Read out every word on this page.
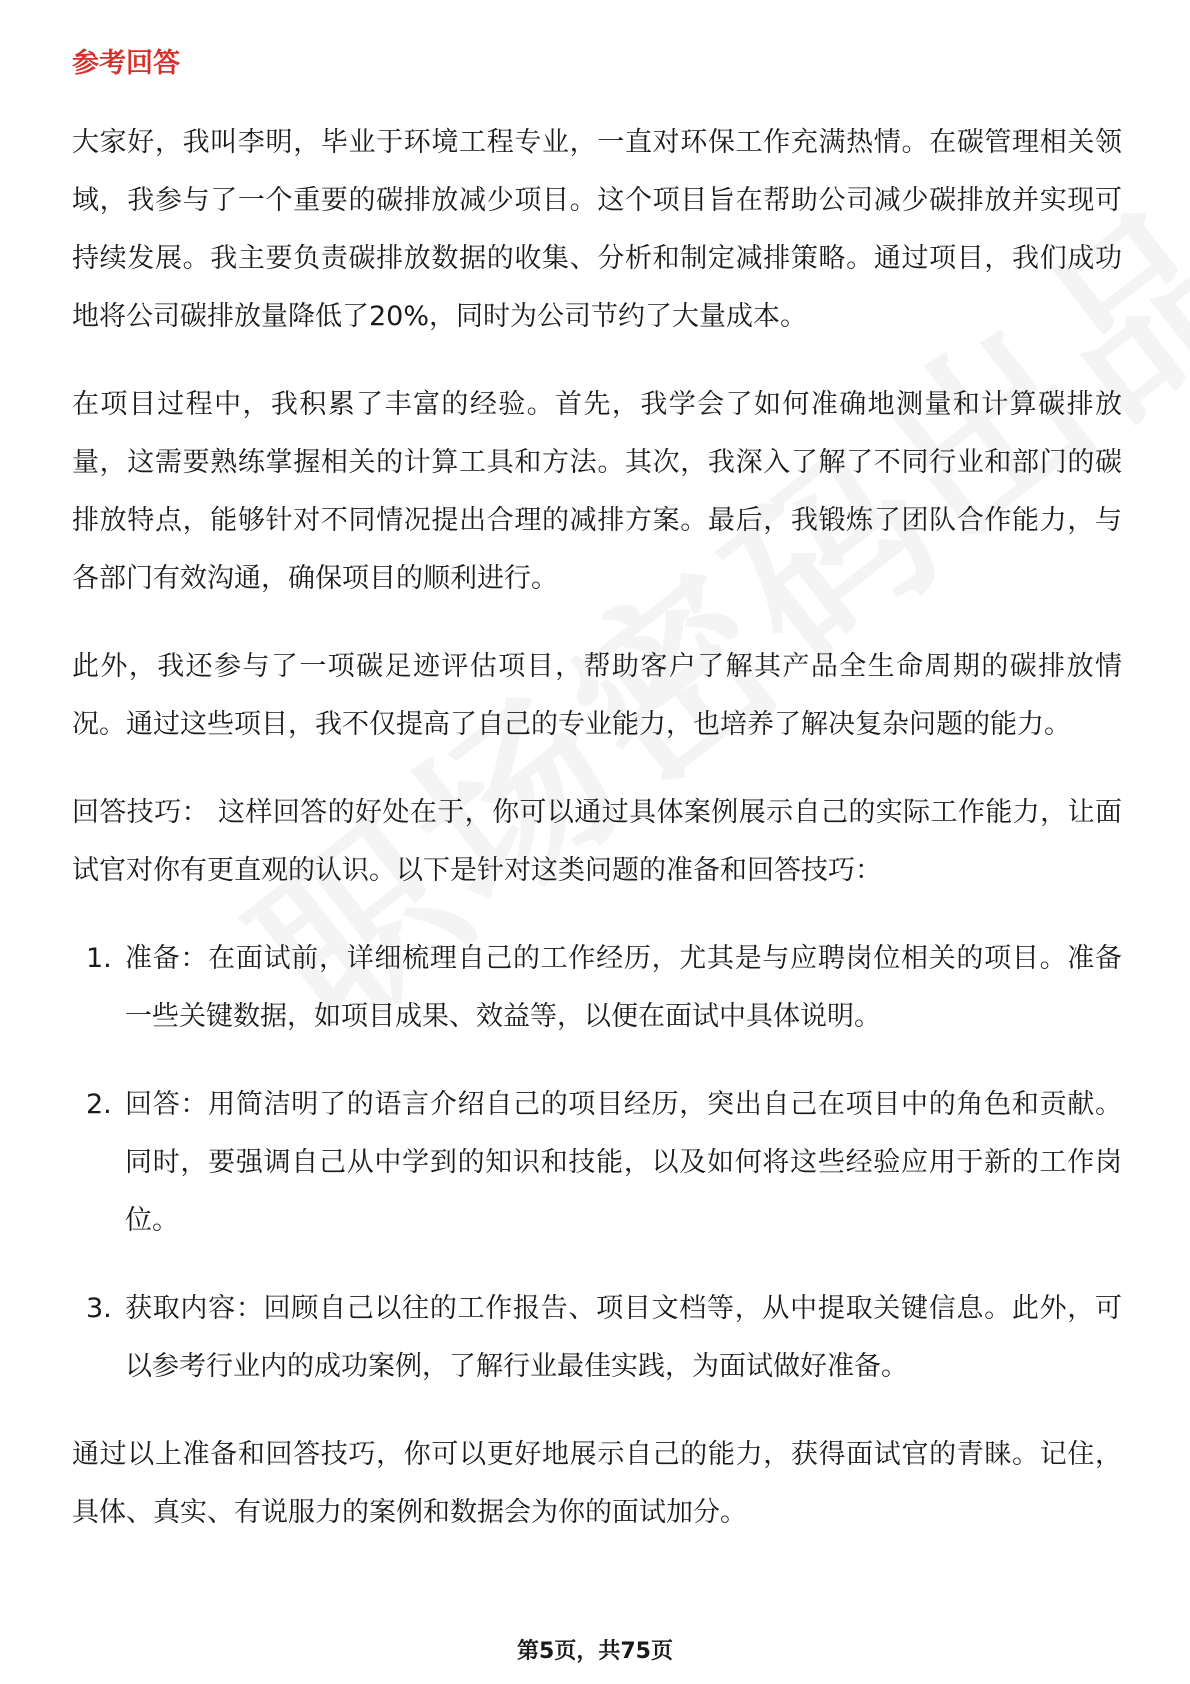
参考回答

大家好，我叫李明，毕业于环境工程专业，一直对环保工作充满热情。在碳管理相关领域，我参与了一个重要的碳排放减少项目。这个项目旨在帮助公司减少碳排放并实现可持续发展。我主要负责碳排放数据的收集、分析和制定减排策略。通过项目，我们成功地将公司碳排放量降低了20%，同时为公司节约了大量成本。

在项目过程中，我积累了丰富的经验。首先，我学会了如何准确地测量和计算碳排放量，这需要熟练掌握相关的计算工具和方法。其次，我深入了解了不同行业和部门的碳排放特点，能够针对不同情况提出合理的减排方案。最后，我锻炼了团队合作能力，与各部门有效沟通，确保项目的顺利进行。

此外，我还参与了一项碳足迹评估项目，帮助客户了解其产品全生命周期的碳排放情况。通过这些项目，我不仅提高了自己的专业能力，也培养了解决复杂问题的能力。

回答技巧： 这样回答的好处在于，你可以通过具体案例展示自己的实际工作能力，让面试官对你有更直观的认识。以下是针对这类问题的准备和回答技巧：

1. 准备：在面试前，详细梳理自己的工作经历，尤其是与应聘岗位相关的项目。准备一些关键数据，如项目成果、效益等，以便在面试中具体说明。
2. 回答：用简洁明了的语言介绍自己的项目经历，突出自己在项目中的角色和贡献。同时，要强调自己从中学到的知识和技能，以及如何将这些经验应用于新的工作岗位。
3. 获取内容：回顾自己以往的工作报告、项目文档等，从中提取关键信息。此外，可以参考行业内的成功案例，了解行业最佳实践，为面试做好准备。

通过以上准备和回答技巧，你可以更好地展示自己的能力，获得面试官的青睐。记住，具体、真实、有说服力的案例和数据会为你的面试加分。

第5页，共75页
